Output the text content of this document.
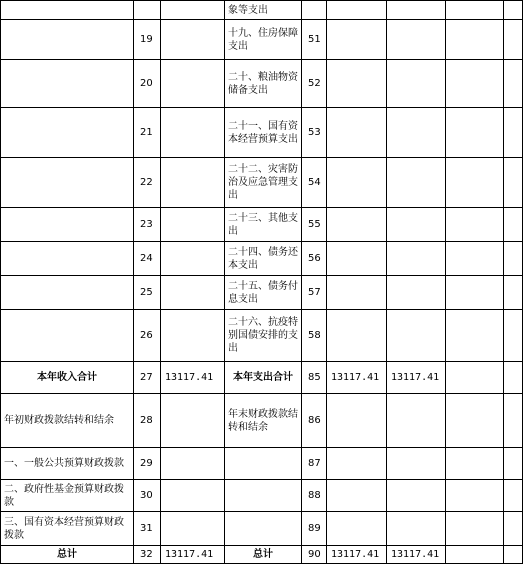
			象等支出					
	19		十九、住房保障支出	51				
	20		二十、粮油物资储备支出	52				
	21		二十一、国有资本经营预算支出	53				
	22		二十二、灾害防治及应急管理支出	54				
	23		二十三、其他支出	55				
	24		二十四、债务还本支出	56				
	25		二十五、债务付息支出	57				
	26		二十六、抗疫特别国债安排的支出	58				
本年收入合计	27	13117.41	本年支出合计	85	13117.41	13117.41		
年初财政拨款结转和结余	28		年末财政拨款结转和结余	86				
一、一般公共预算财政拨款	29			87				
二、政府性基金预算财政拨款	30			88				
三、国有资本经营预算财政拨款	31			89				
总计	32	13117.41	总计	90	13117.41	13117.41		
